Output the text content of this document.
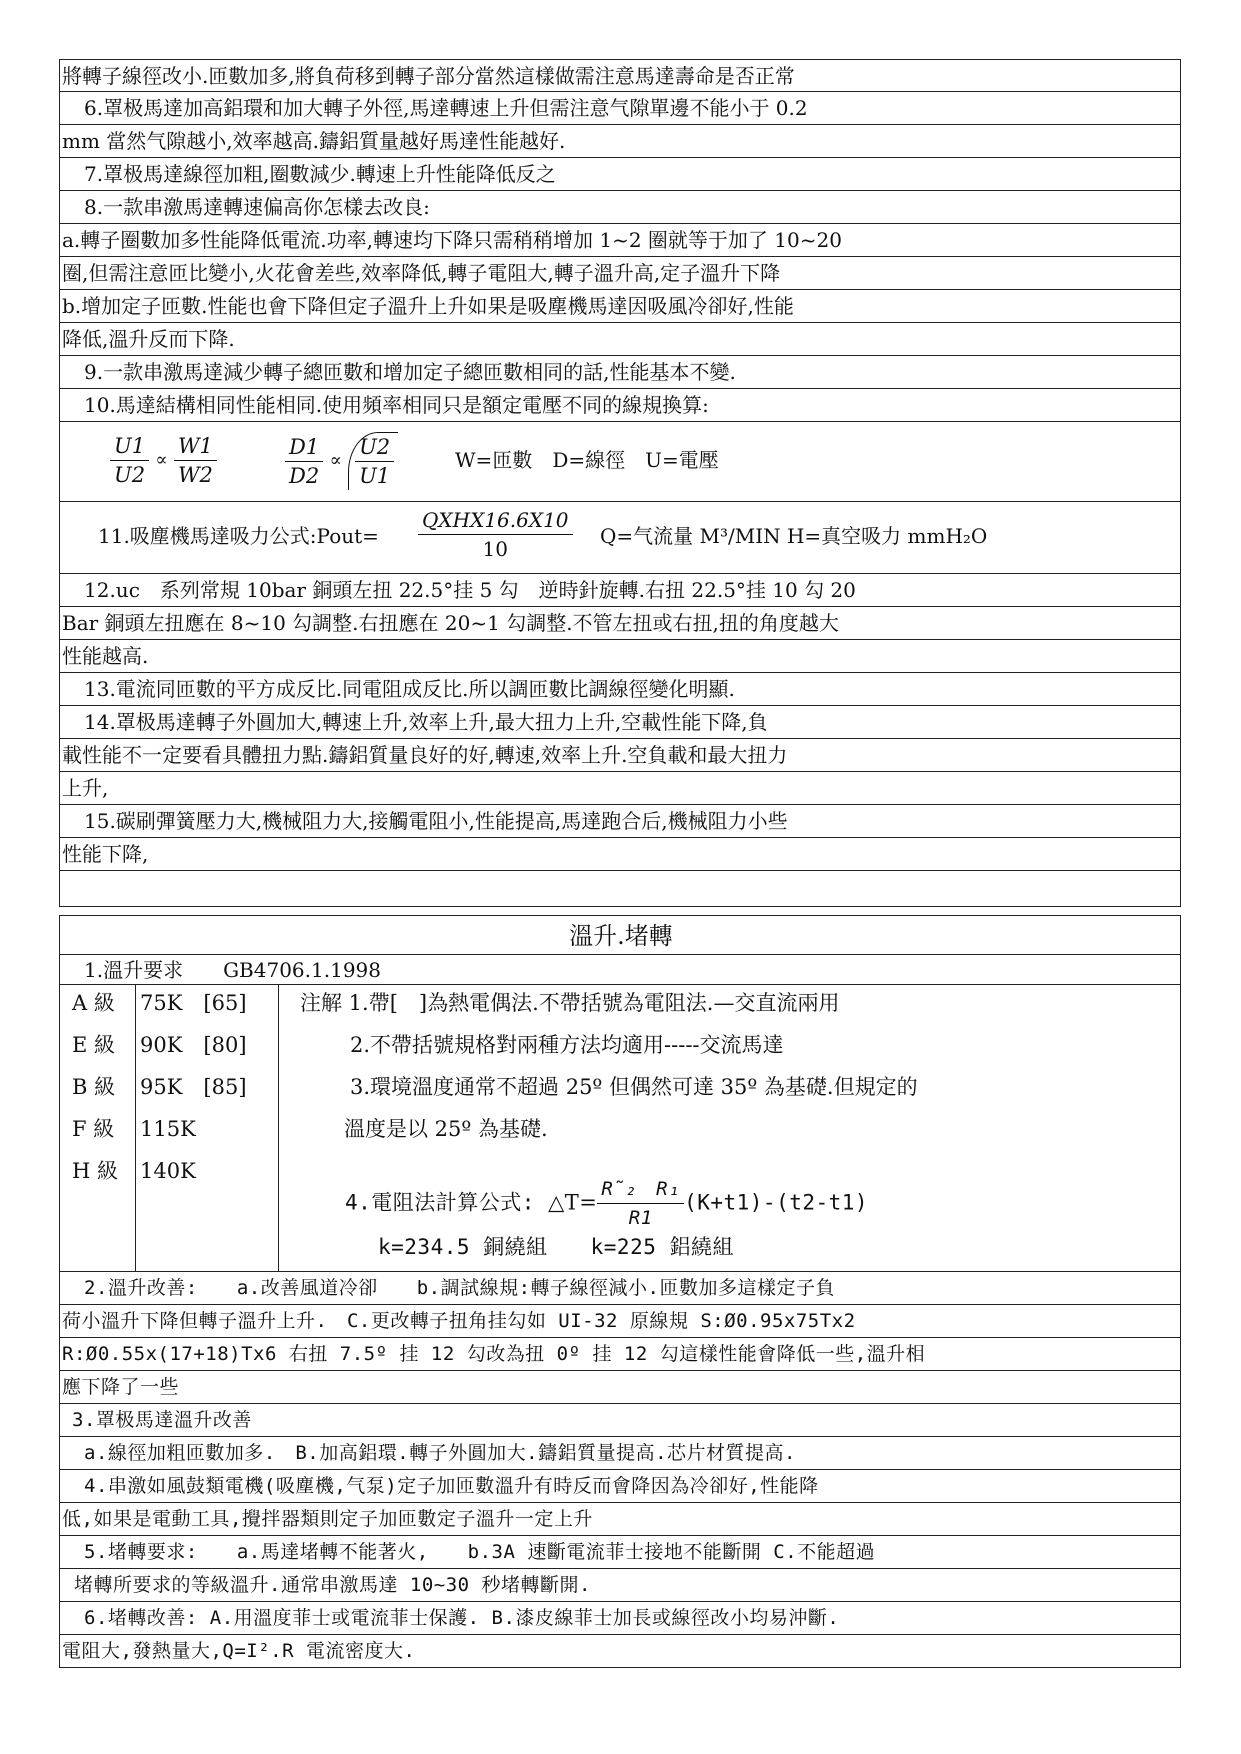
將轉子線徑改小.匝數加多,將負荷移到轉子部分當然這樣做需注意馬達壽命是否正常
6.罩极馬達加高鋁環和加大轉子外徑,馬達轉速上升但需注意气隙單邊不能小于 0.2
mm 當然气隙越小,效率越高.鑄鋁質量越好馬達性能越好.
7.罩极馬達線徑加粗,圈數減少.轉速上升性能降低反之
8.一款串激馬達轉速偏高你怎樣去改良:
a.轉子圈數加多性能降低電流.功率,轉速均下降只需稍稍增加 1~2 圈就等于加了 10~20
圈,但需注意匝比變小,火花會差些,效率降低,轉子電阻大,轉子溫升高,定子溫升下降
b.增加定子匝數.性能也會下降但定子溫升上升如果是吸塵機馬達因吸風冷卻好,性能
降低,溫升反而下降.
9.一款串激馬達減少轉子總匝數和增加定子總匝數相同的話,性能基本不變.
10.馬達結構相同性能相同.使用頻率相同只是額定電壓不同的線規換算:
$\frac{U1}{U2} \propto \frac{W1}{W2}$	$\frac{D1}{D2} \propto \frac{U2}{U1}$	W=匝數　D=線徑　U=電壓
11.吸塵機馬達吸力公式:Pout=
QXHX16.6X10
10
Q=气流量 M³/MIN H=真空吸力 mmH₂O
12.uc　系列常規 10bar 銅頭左扭 22.5°挂 5 勾　逆時針旋轉.右扭 22.5°挂 10 勾 20
Bar 銅頭左扭應在 8~10 勾調整.右扭應在 20~1 勾調整.不管左扭或右扭,扭的角度越大
性能越高.
13.電流同匝數的平方成反比.同電阻成反比.所以調匝數比調線徑變化明顯.
14.罩极馬達轉子外圓加大,轉速上升,效率上升,最大扭力上升,空載性能下降,負
載性能不一定要看具體扭力點.鑄鋁質量良好的好,轉速,效率上升.空負載和最大扭力
上升,
15.碳刷彈簧壓力大,機械阻力大,接觸電阻小,性能提高,馬達跑合后,機械阻力小些
性能下降,
溫升.堵轉
1.溫升要求　　GB4706.1.1998
A 級 75K　[65]	注解 1.帶[　]為熱電偶法.不帶括號為電阻法.—交直流兩用
E 級 90K　[80]	2.不帶括號規格對兩種方法均適用-----交流馬達
B 級 95K　[85]	3.環境溫度通常不超過 25º 但偶然可達 35º 為基礎.但規定的
F 級 115K	溫度是以 25º 為基礎.
H 級 140K
4.電阻法計算公式: △T= $\frac{\text{R̃₂　R₁}}{R1} (K+t1)-(t2-t1)$
k=234.5 銅繞組　　k=225 鋁繞組
2.溫升改善:　　a.改善風道冷卻　　b.調試線規:轉子線徑減小.匝數加多這樣定子負
荷小溫升下降但轉子溫升上升.　C.更改轉子扭角挂勾如 UI-32 原線規 S:Ø0.95x75Tx2
R:Ø0.55x(17+18)Tx6 右扭 7.5º 挂 12 勾改為扭 0º 挂 12 勾這樣性能會降低一些,溫升相
應下降了一些
3.罩极馬達溫升改善
a.線徑加粗匝數加多.　B.加高鋁環.轉子外圓加大.鑄鋁質量提高.芯片材質提高.
4.串激如風鼓類電機(吸塵機,气泵)定子加匝數溫升有時反而會降因為冷卻好,性能降
低,如果是電動工具,攪拌器類則定子加匝數定子溫升一定上升
5.堵轉要求:　　a.馬達堵轉不能著火,　　b.3A 速斷電流菲士接地不能斷開 C.不能超過
堵轉所要求的等級溫升.通常串激馬達 10~30 秒堵轉斷開.
6.堵轉改善: A.用溫度菲士或電流菲士保護. B.漆皮線菲士加長或線徑改小均易沖斷.
電阻大,發熱量大,Q=I².R 電流密度大.
